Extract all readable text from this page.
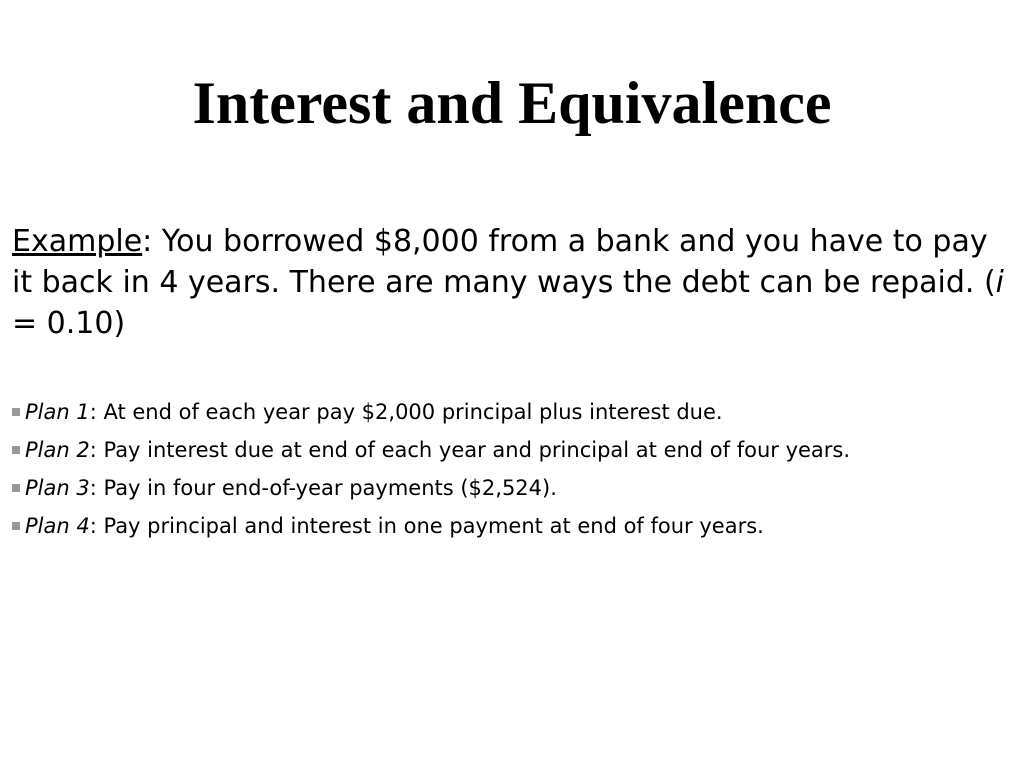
Interest and Equivalence

Example: You borrowed $8,000 from a bank and you have to pay it back in 4 years. There are many ways the debt can be repaid. (i = 0.10)

Plan 1: At end of each year pay $2,000 principal plus interest due.
Plan 2: Pay interest due at end of each year and principal at end of four years.
Plan 3: Pay in four end-of-year payments ($2,524).
Plan 4: Pay principal and interest in one payment at end of four years.
